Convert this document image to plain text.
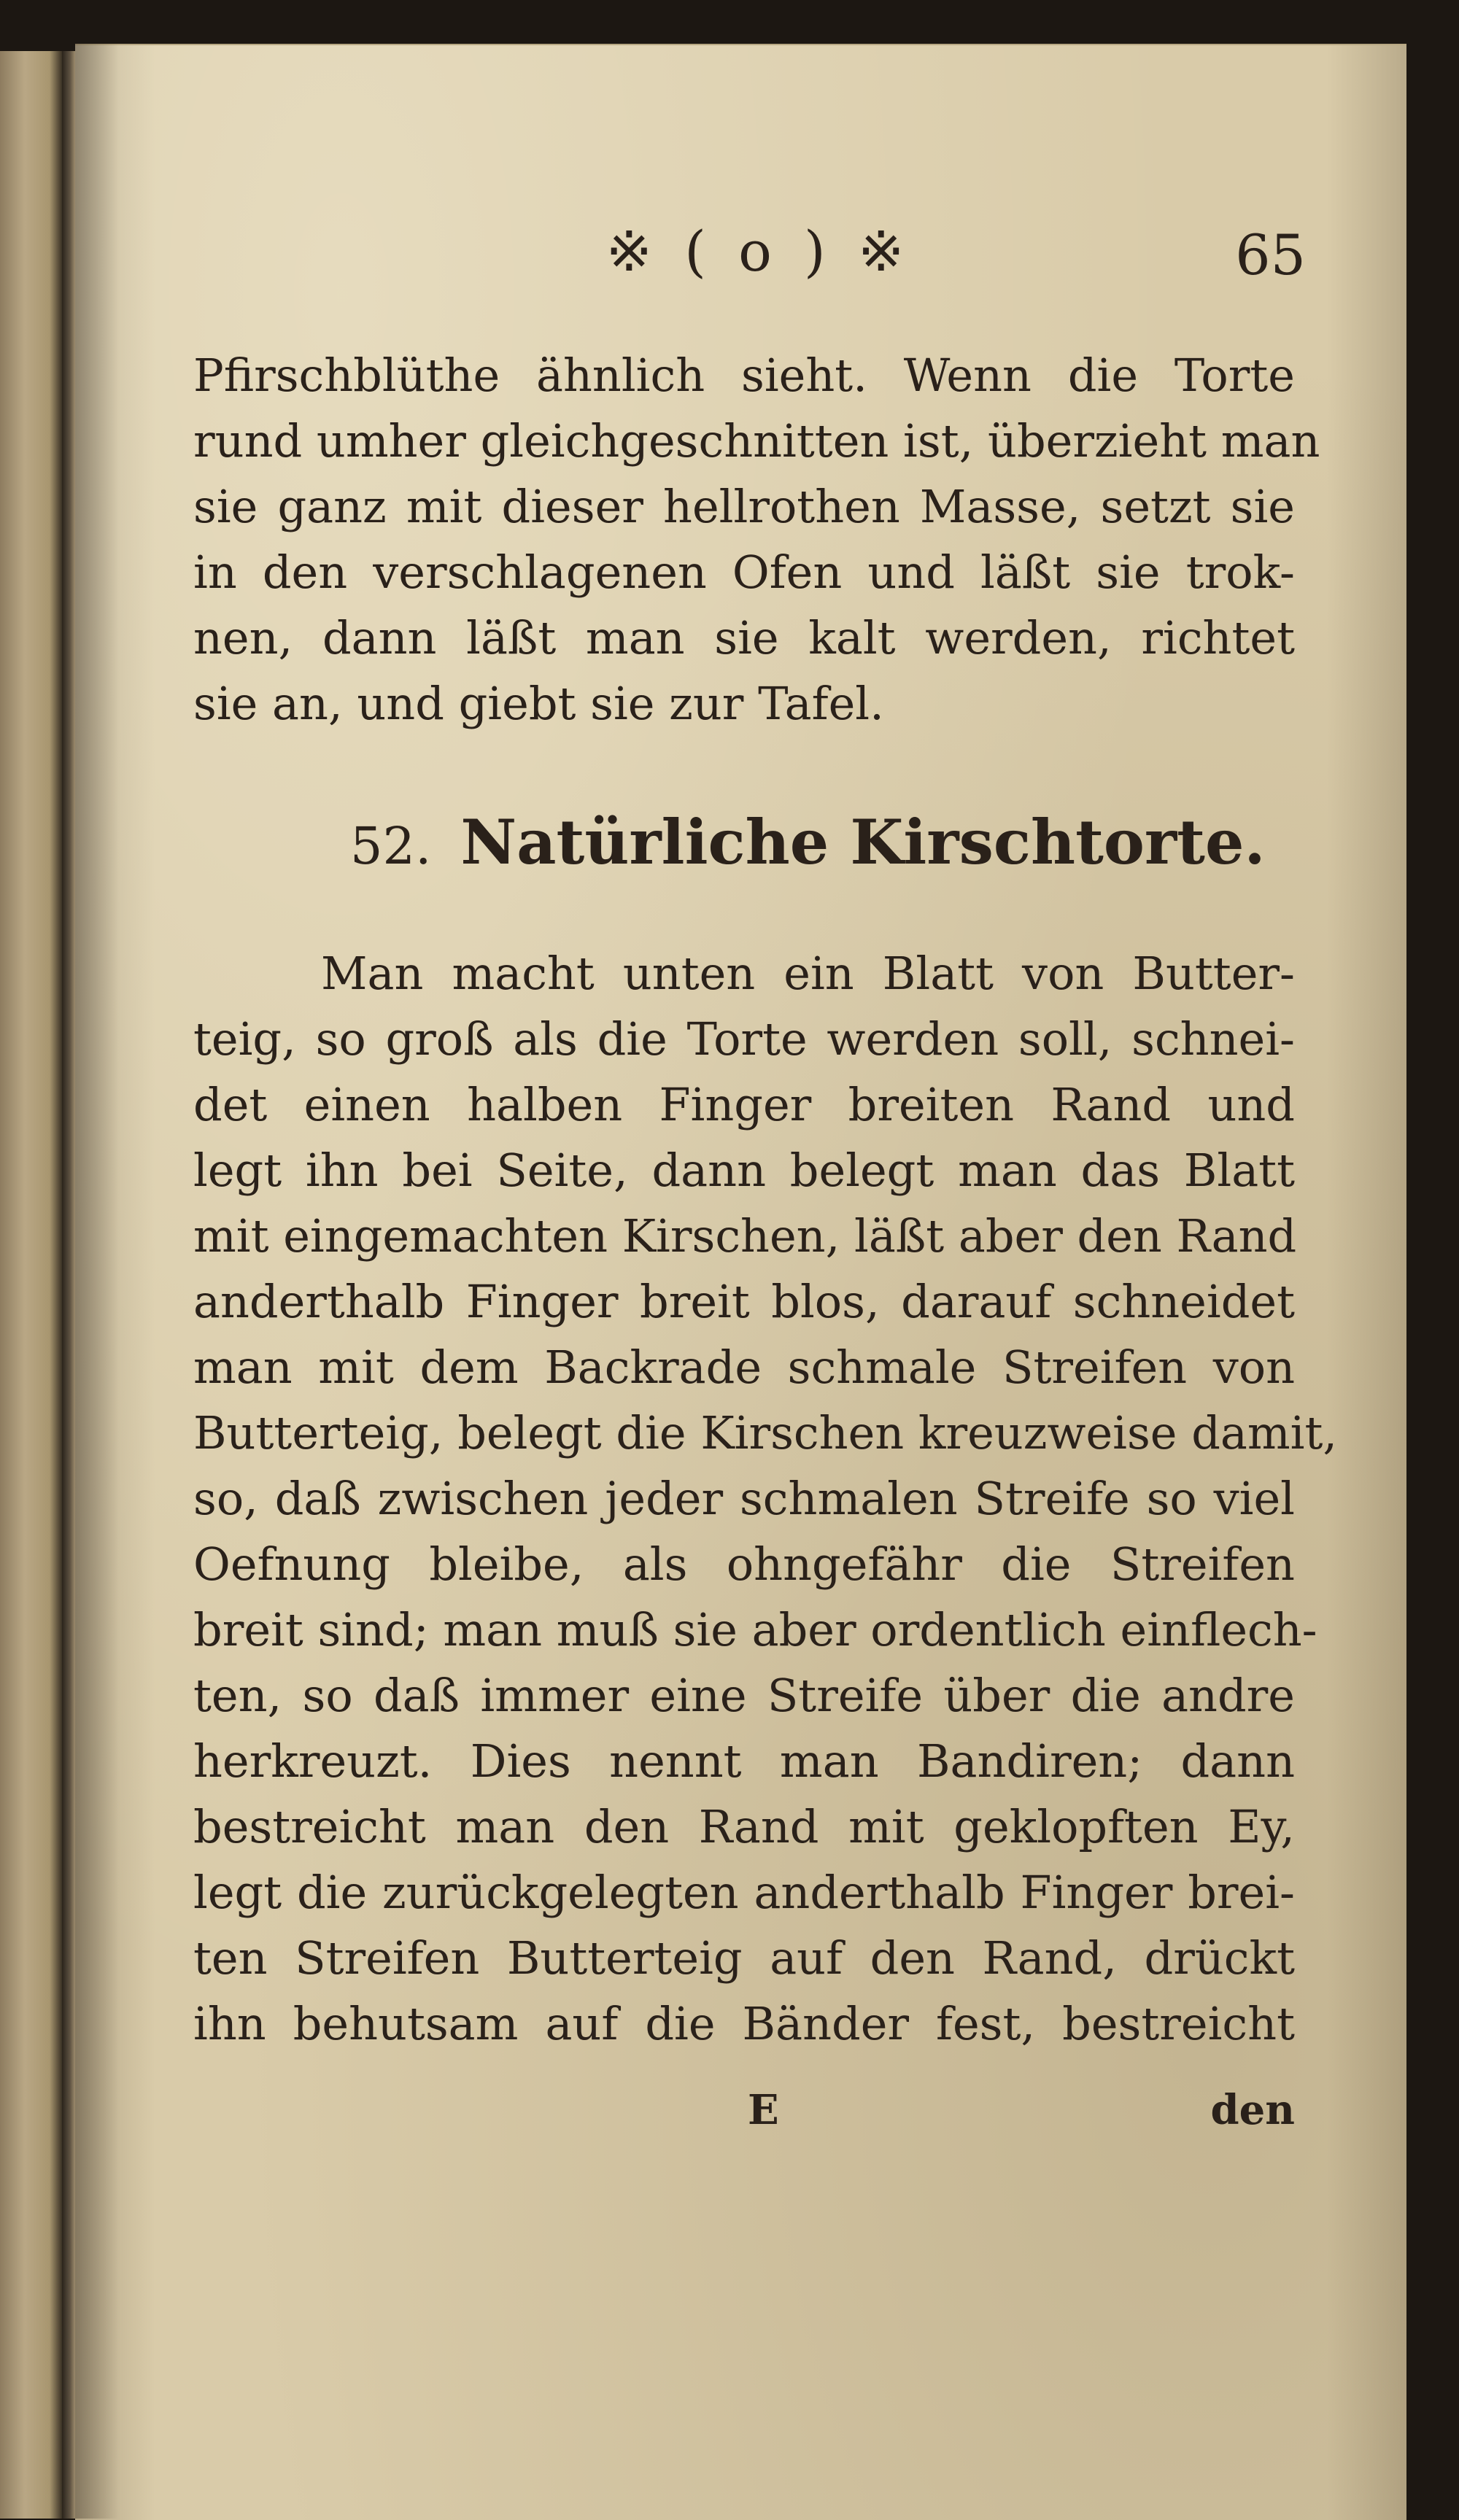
※ ( o ) ※	65
Pfirschblüthe ähnlich sieht. Wenn die Torte
rund umher gleichgeschnitten ist, überzieht man
sie ganz mit dieser hellrothen Masse, setzt sie
in den verschlagenen Ofen und läßt sie trok-
nen, dann läßt man sie kalt werden, richtet
sie an, und giebt sie zur Tafel.
52. Natürliche Kirschtorte.
Man macht unten ein Blatt von Butter-
teig, so groß als die Torte werden soll, schnei-
det einen halben Finger breiten Rand und
legt ihn bei Seite, dann belegt man das Blatt
mit eingemachten Kirschen, läßt aber den Rand
anderthalb Finger breit blos, darauf schneidet
man mit dem Backrade schmale Streifen von
Butterteig, belegt die Kirschen kreuzweise damit,
so, daß zwischen jeder schmalen Streife so viel
Oefnung bleibe, als ohngefähr die Streifen
breit sind; man muß sie aber ordentlich einflech-
ten, so daß immer eine Streife über die andre
herkreuzt. Dies nennt man Bandiren; dann
bestreicht man den Rand mit geklopften Ey,
legt die zurückgelegten anderthalb Finger brei-
ten Streifen Butterteig auf den Rand, drückt
ihn behutsam auf die Bänder fest, bestreicht
E	den
